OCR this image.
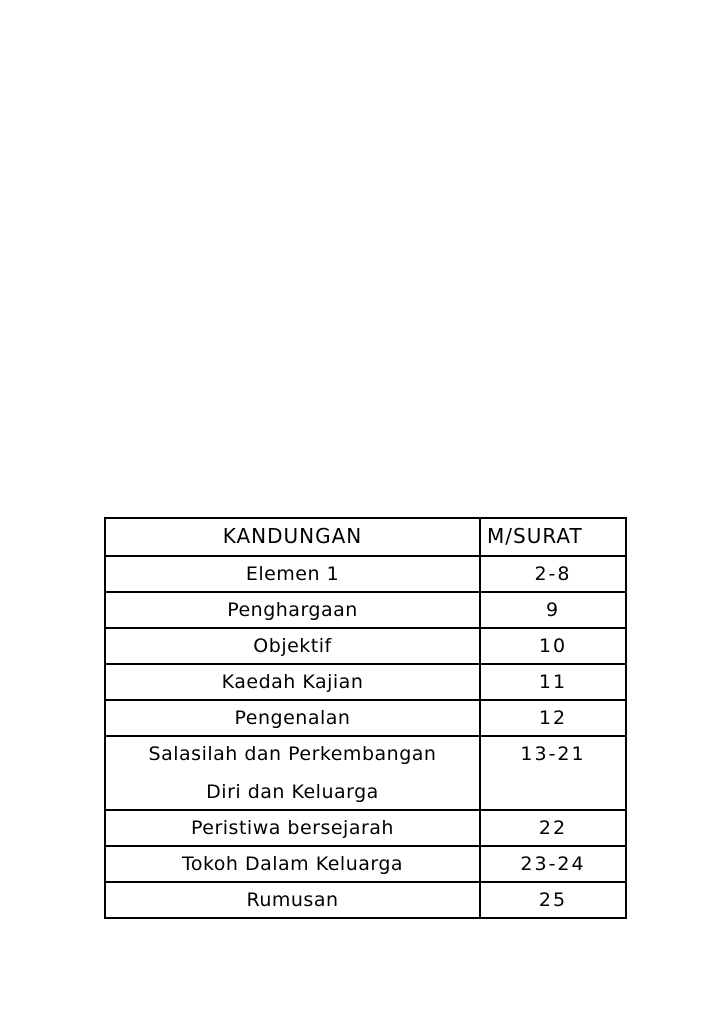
KANDUNGAN	M/SURAT
Elemen 1	2-8
Penghargaan	9
Objektif	10
Kaedah Kajian	11
Pengenalan	12

Salasilah dan Perkembangan
Diri dan Keluarga	13-21
Peristiwa bersejarah	22
Tokoh Dalam Keluarga	23-24
Rumusan	25
